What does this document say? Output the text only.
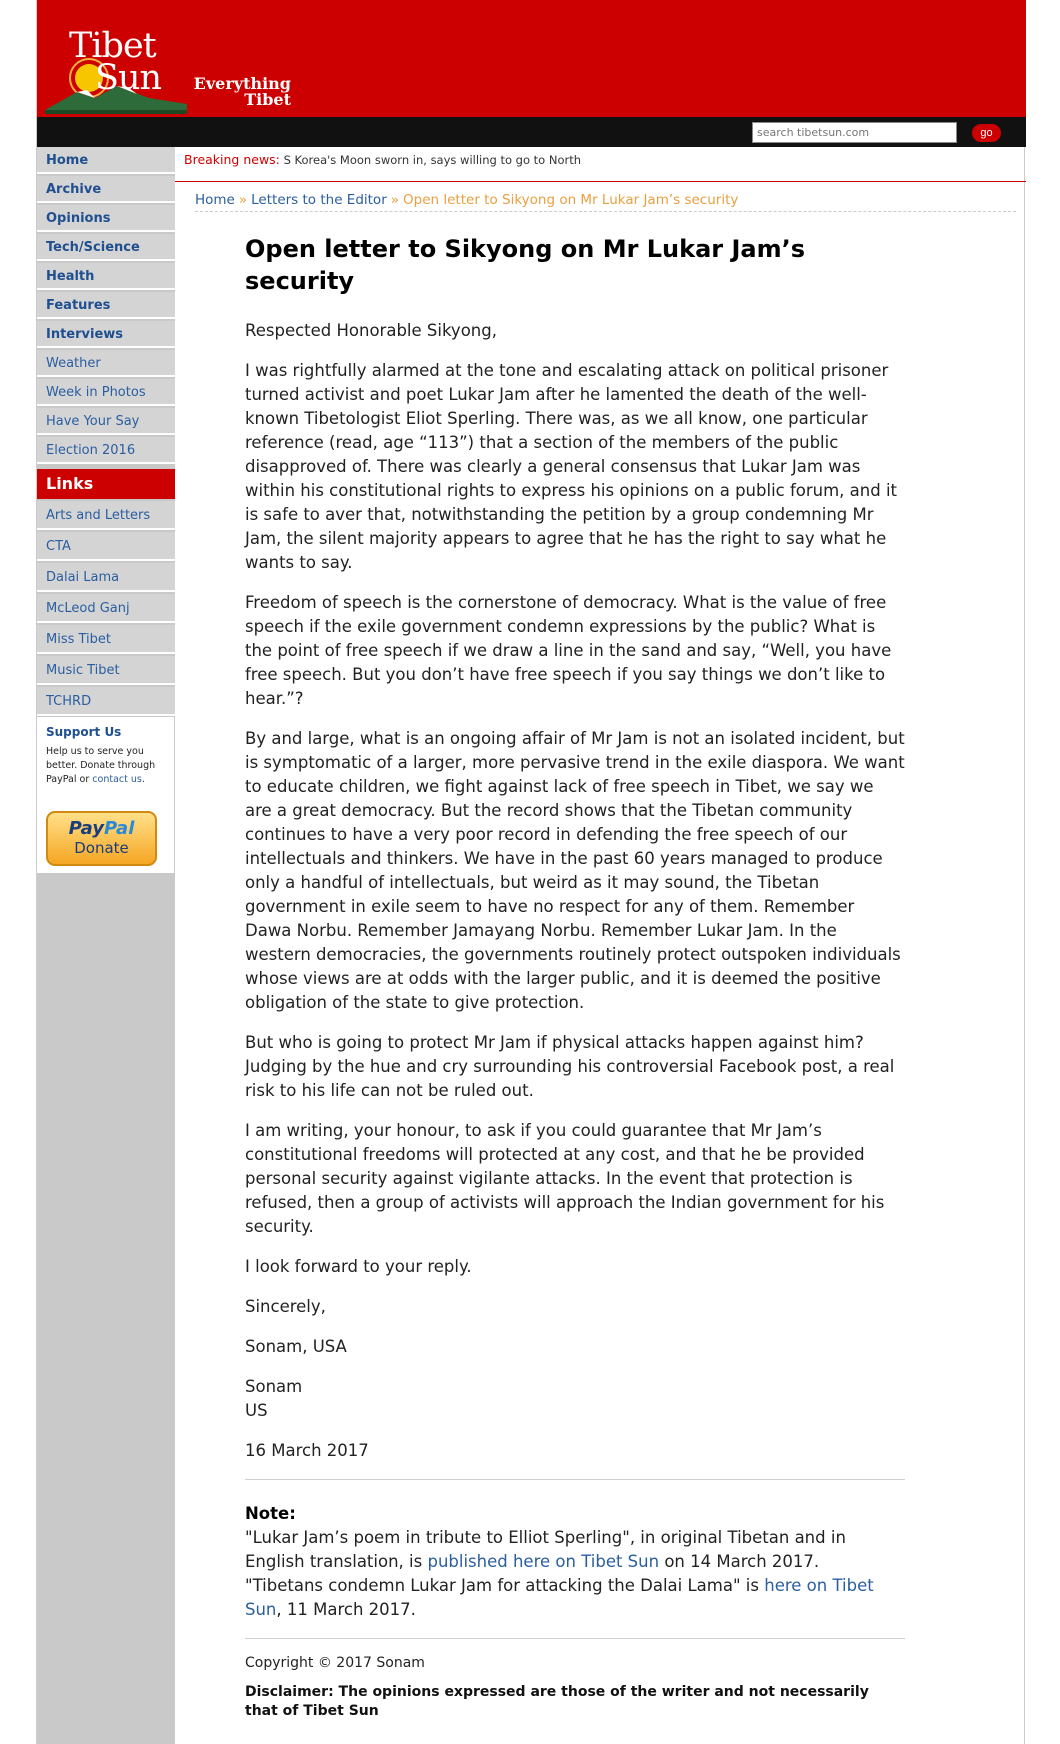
Tibet
Sun	Everything
Tibet
search tibetsun.com
go
Home
Archive
Opinions
Tech/Science
Health
Features
Interviews
Weather
Week in Photos
Have Your Say
Election 2016
Links
Arts and Letters
CTA
Dalai Lama
McLeod Ganj
Miss Tibet
Music Tibet
TCHRD
Support Us

Help us to serve you better. Donate through PayPal or contact us.

PayPal
Donate
Breaking news: S Korea's Moon sworn in, says willing to go to North
Home » Letters to the Editor » Open letter to Sikyong on Mr Lukar Jam’s security
Open letter to Sikyong on Mr Lukar Jam’s security

Respected Honorable Sikyong,

I was rightfully alarmed at the tone and escalating attack on political prisoner turned activist and poet Lukar Jam after he lamented the death of the well-known Tibetologist Eliot Sperling. There was, as we all know, one particular reference (read, age “113”) that a section of the members of the public disapproved of. There was clearly a general consensus that Lukar Jam was within his constitutional rights to express his opinions on a public forum, and it is safe to aver that, notwithstanding the petition by a group condemning Mr Jam, the silent majority appears to agree that he has the right to say what he wants to say.

Freedom of speech is the cornerstone of democracy. What is the value of free speech if the exile government condemn expressions by the public? What is the point of free speech if we draw a line in the sand and say, “Well, you have free speech. But you don’t have free speech if you say things we don’t like to hear.”?

By and large, what is an ongoing affair of Mr Jam is not an isolated incident, but is symptomatic of a larger, more pervasive trend in the exile diaspora. We want to educate children, we fight against lack of free speech in Tibet, we say we are a great democracy. But the record shows that the Tibetan community continues to have a very poor record in defending the free speech of our intellectuals and thinkers. We have in the past 60 years managed to produce only a handful of intellectuals, but weird as it may sound, the Tibetan government in exile seem to have no respect for any of them. Remember Dawa Norbu. Remember Jamayang Norbu. Remember Lukar Jam. In the western democracies, the governments routinely protect outspoken individuals whose views are at odds with the larger public, and it is deemed the positive obligation of the state to give protection.

But who is going to protect Mr Jam if physical attacks happen against him? Judging by the hue and cry surrounding his controversial Facebook post, a real risk to his life can not be ruled out.

I am writing, your honour, to ask if you could guarantee that Mr Jam’s constitutional freedoms will protected at any cost, and that he be provided personal security against vigilante attacks. In the event that protection is refused, then a group of activists will approach the Indian government for his security.

I look forward to your reply.

Sincerely,

Sonam, USA

Sonam

US

16 March 2017

Note:

"Lukar Jam’s poem in tribute to Elliot Sperling", in original Tibetan and in English translation, is published here on Tibet Sun on 14 March 2017.

"Tibetans condemn Lukar Jam for attacking the Dalai Lama" is here on Tibet Sun, 11 March 2017.

Copyright © 2017 Sonam
Disclaimer: The opinions expressed are those of the writer and not necessarily that of Tibet Sun
